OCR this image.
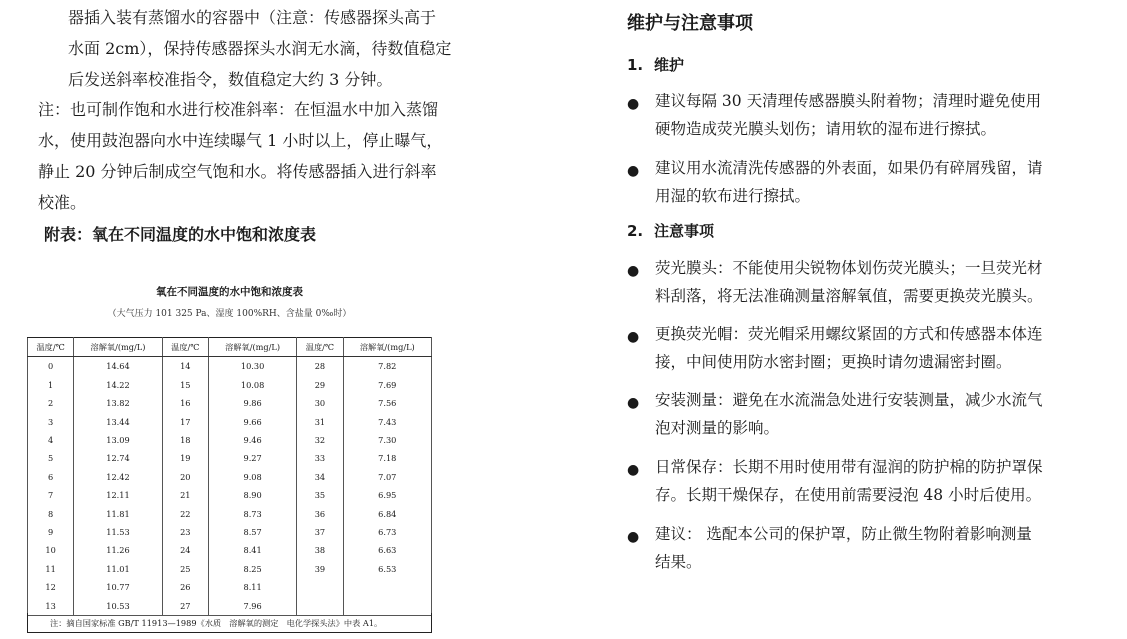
器插入装有蒸馏水的容器中（注意：传感器探头高于
水面 2cm），保持传感器探头水润无水滴，待数值稳定
后发送斜率校准指令，数值稳定大约 3 分钟。

注：也可制作饱和水进行校准斜率：在恒温水中加入蒸馏
水，使用鼓泡器向水中连续曝气 1 小时以上，停止曝气，
静止 20 分钟后制成空气饱和水。将传感器插入进行斜率
校准。

附表：氧在不同温度的水中饱和浓度表
氧在不同温度的水中饱和浓度表
（大气压力 101 325 Pa、湿度 100%RH、含盐量 0‰时）
温度/℃	溶解氧/(mg/L)	温度/℃	溶解氧/(mg/L)	温度/℃	溶解氧/(mg/L)
0	14.64	14	10.30	28	7.82
1	14.22	15	10.08	29	7.69
2	13.82	16	9.86	30	7.56
3	13.44	17	9.66	31	7.43
4	13.09	18	9.46	32	7.30
5	12.74	19	9.27	33	7.18
6	12.42	20	9.08	34	7.07
7	12.11	21	8.90	35	6.95
8	11.81	22	8.73	36	6.84
9	11.53	23	8.57	37	6.73
10	11.26	24	8.41	38	6.63
11	11.01	25	8.25	39	6.53
12	10.77	26	8.11		
13	10.53	27	7.96		
注：摘自国家标准 GB/T 11913—1989《水质　溶解氧的测定　电化学探头法》中表 A1。
维护与注意事项
1. 维护
● 建议每隔 30 天清理传感器膜头附着物；清理时避免使用
硬物造成荧光膜头划伤；请用软的湿布进行擦拭。
● 建议用水流清洗传感器的外表面，如果仍有碎屑残留，请
用湿的软布进行擦拭。
2. 注意事项
● 荧光膜头：不能使用尖锐物体划伤荧光膜头；一旦荧光材
料刮落，将无法准确测量溶解氧值，需要更换荧光膜头。
● 更换荧光帽：荧光帽采用螺纹紧固的方式和传感器本体连
接，中间使用防水密封圈；更换时请勿遗漏密封圈。
● 安装测量：避免在水流湍急处进行安装测量，减少水流气
泡对测量的影响。
● 日常保存：长期不用时使用带有湿润的防护棉的防护罩保
存。长期干燥保存，在使用前需要浸泡 48 小时后使用。
● 建议： 选配本公司的保护罩，防止微生物附着影响测量
结果。
